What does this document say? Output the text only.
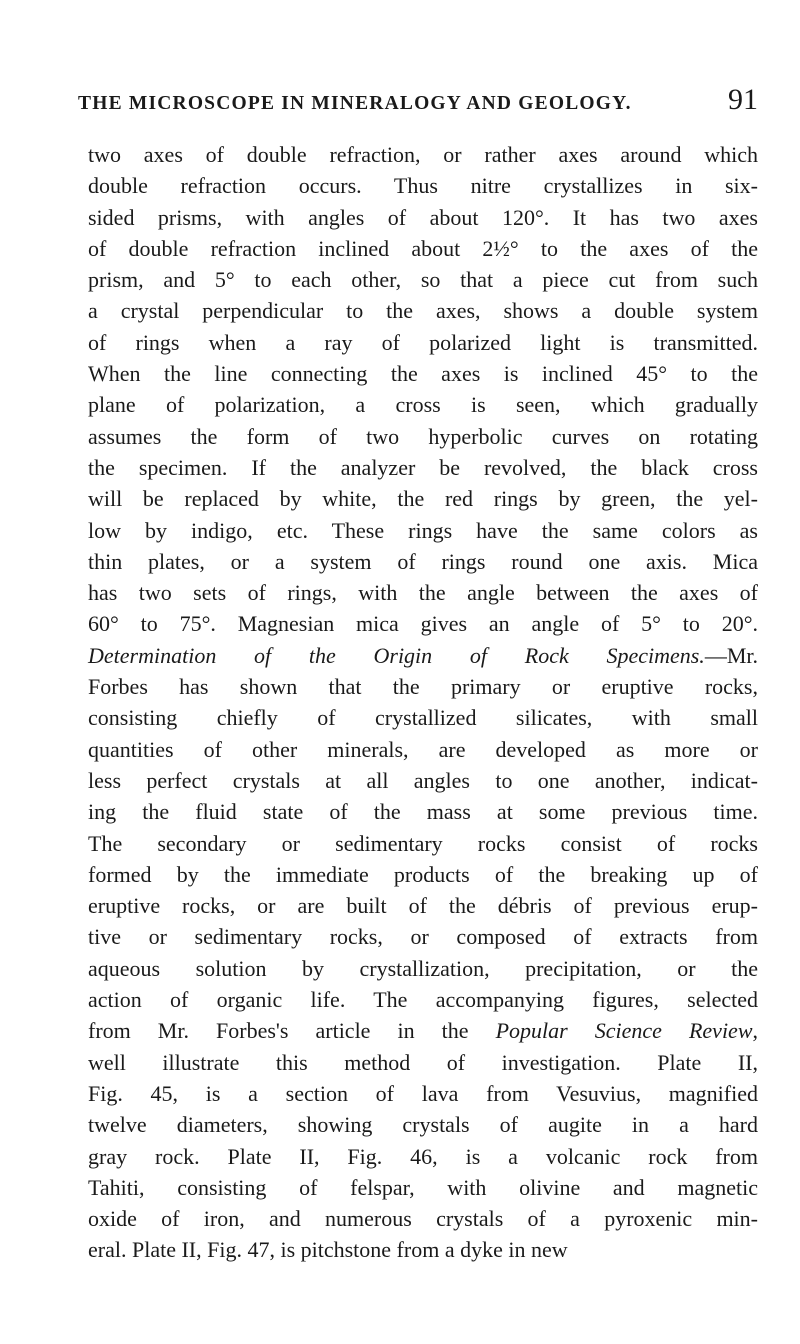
THE MICROSCOPE IN MINERALOGY AND GEOLOGY.	91
two axes of double refraction, or rather axes around which
double refraction occurs. Thus nitre crystallizes in six-
sided prisms, with angles of about 120°. It has two axes
of double refraction inclined about 2½° to the axes of the
prism, and 5° to each other, so that a piece cut from such
a crystal perpendicular to the axes, shows a double system
of rings when a ray of polarized light is transmitted.
When the line connecting the axes is inclined 45° to the
plane of polarization, a cross is seen, which gradually
assumes the form of two hyperbolic curves on rotating
the specimen. If the analyzer be revolved, the black cross
will be replaced by white, the red rings by green, the yel-
low by indigo, etc. These rings have the same colors as
thin plates, or a system of rings round one axis. Mica
has two sets of rings, with the angle between the axes of
60° to 75°. Magnesian mica gives an angle of 5° to 20°.
Determination of the Origin of Rock Specimens.—Mr.
Forbes has shown that the primary or eruptive rocks,
consisting chiefly of crystallized silicates, with small
quantities of other minerals, are developed as more or
less perfect crystals at all angles to one another, indicat-
ing the fluid state of the mass at some previous time.
The secondary or sedimentary rocks consist of rocks
formed by the immediate products of the breaking up of
eruptive rocks, or are built of the débris of previous erup-
tive or sedimentary rocks, or composed of extracts from
aqueous solution by crystallization, precipitation, or the
action of organic life. The accompanying figures, selected
from Mr. Forbes's article in the Popular Science Review,
well illustrate this method of investigation. Plate II,
Fig. 45, is a section of lava from Vesuvius, magnified
twelve diameters, showing crystals of augite in a hard
gray rock. Plate II, Fig. 46, is a volcanic rock from
Tahiti, consisting of felspar, with olivine and magnetic
oxide of iron, and numerous crystals of a pyroxenic min-
eral. Plate II, Fig. 47, is pitchstone from a dyke in new
